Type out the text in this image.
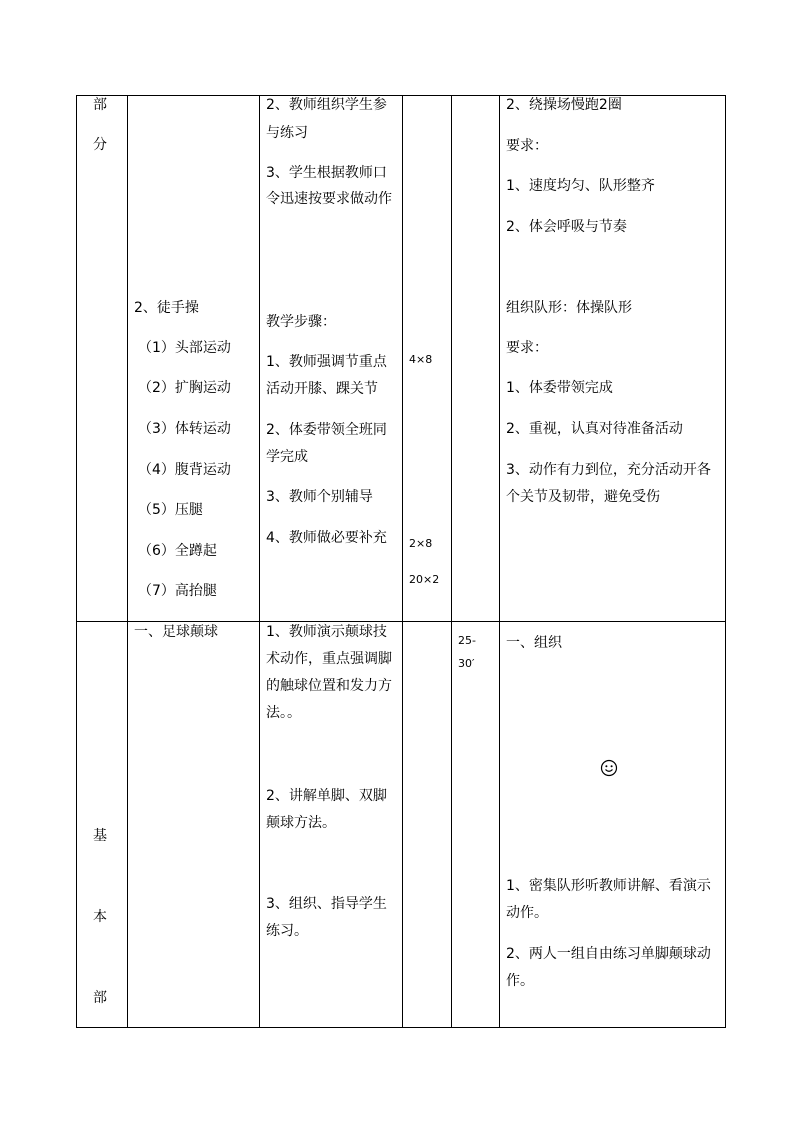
部
分
2、徒手操
（1）头部运动
（2）扩胸运动
（3）体转运动
（4）腹背运动
（5）压腿
（6）全蹲起
（7）高抬腿
2、教师组织学生参
与练习
3、学生根据教师口
令迅速按要求做动作
教学步骤：
1、教师强调节重点
活动开膝、踝关节
2、体委带领全班同
学完成
3、教师个别辅导
4、教师做必要补充
4×8
2×8
20×2
2、绕操场慢跑2圈
要求：
1、速度均匀、队形整齐
2、体会呼吸与节奏
组织队形：体操队形
要求：
1、体委带领完成
2、重视，认真对待准备活动
3、动作有力到位，充分活动开各
个关节及韧带，避免受伤
基
本
部
一、足球颠球	1、教师演示颠球技
术动作，重点强调脚
的触球位置和发力方
法。。
2、讲解单脚、双脚
颠球方法。
3、组织、指导学生
练习。
25-
30′
一、组织
1、密集队形听教师讲解、看演示
动作。
2、两人一组自由练习单脚颠球动
作。
